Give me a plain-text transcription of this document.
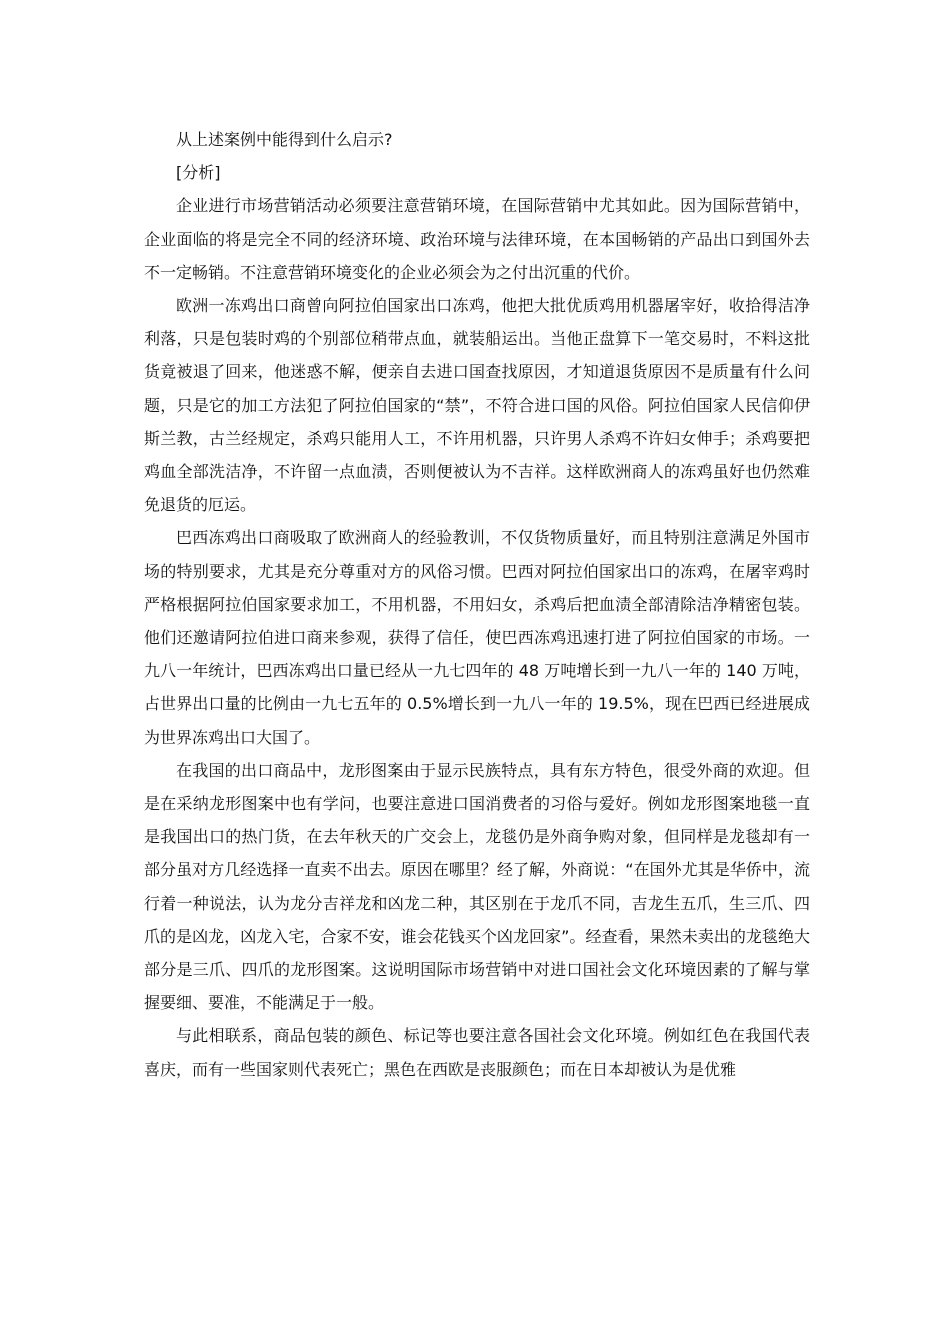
从上述案例中能得到什么启示?

[分析]

企业进行市场营销活动必须要注意营销环境，在国际营销中尤其如此。因为国际营销中，企业面临的将是完全不同的经济环境、政治环境与法律环境，在本国畅销的产品出口到国外去不一定畅销。不注意营销环境变化的企业必须会为之付出沉重的代价。

欧洲一冻鸡出口商曾向阿拉伯国家出口冻鸡，他把大批优质鸡用机器屠宰好，收拾得洁净利落，只是包装时鸡的个别部位稍带点血，就装船运出。当他正盘算下一笔交易时，不料这批货竟被退了回来，他迷惑不解，便亲自去进口国查找原因，才知道退货原因不是质量有什么问题，只是它的加工方法犯了阿拉伯国家的“禁”，不符合进口国的风俗。阿拉伯国家人民信仰伊斯兰教，古兰经规定，杀鸡只能用人工，不许用机器，只许男人杀鸡不许妇女伸手；杀鸡要把鸡血全部洗洁净，不许留一点血渍，否则便被认为不吉祥。这样欧洲商人的冻鸡虽好也仍然难免退货的厄运。

巴西冻鸡出口商吸取了欧洲商人的经验教训，不仅货物质量好，而且特别注意满足外国市场的特别要求，尤其是充分尊重对方的风俗习惯。巴西对阿拉伯国家出口的冻鸡，在屠宰鸡时严格根据阿拉伯国家要求加工，不用机器，不用妇女，杀鸡后把血渍全部清除洁净精密包装。他们还邀请阿拉伯进口商来参观，获得了信任，使巴西冻鸡迅速打进了阿拉伯国家的市场。一九八一年统计，巴西冻鸡出口量已经从一九七四年的 48 万吨增长到一九八一年的 140 万吨，占世界出口量的比例由一九七五年的 0.5%增长到一九八一年的 19.5%，现在巴西已经进展成为世界冻鸡出口大国了。

在我国的出口商品中，龙形图案由于显示民族特点，具有东方特色，很受外商的欢迎。但是在采纳龙形图案中也有学问，也要注意进口国消费者的习俗与爱好。例如龙形图案地毯一直是我国出口的热门货，在去年秋天的广交会上，龙毯仍是外商争购对象，但同样是龙毯却有一部分虽对方几经选择一直卖不出去。原因在哪里？经了解，外商说：“在国外尤其是华侨中，流行着一种说法，认为龙分吉祥龙和凶龙二种，其区别在于龙爪不同，吉龙生五爪，生三爪、四爪的是凶龙，凶龙入宅，合家不安，谁会花钱买个凶龙回家”。经查看，果然未卖出的龙毯绝大部分是三爪、四爪的龙形图案。这说明国际市场营销中对进口国社会文化环境因素的了解与掌握要细、要准，不能满足于一般。

与此相联系，商品包装的颜色、标记等也要注意各国社会文化环境。例如红色在我国代表喜庆，而有一些国家则代表死亡；黑色在西欧是丧服颜色；而在日本却被认为是优雅
